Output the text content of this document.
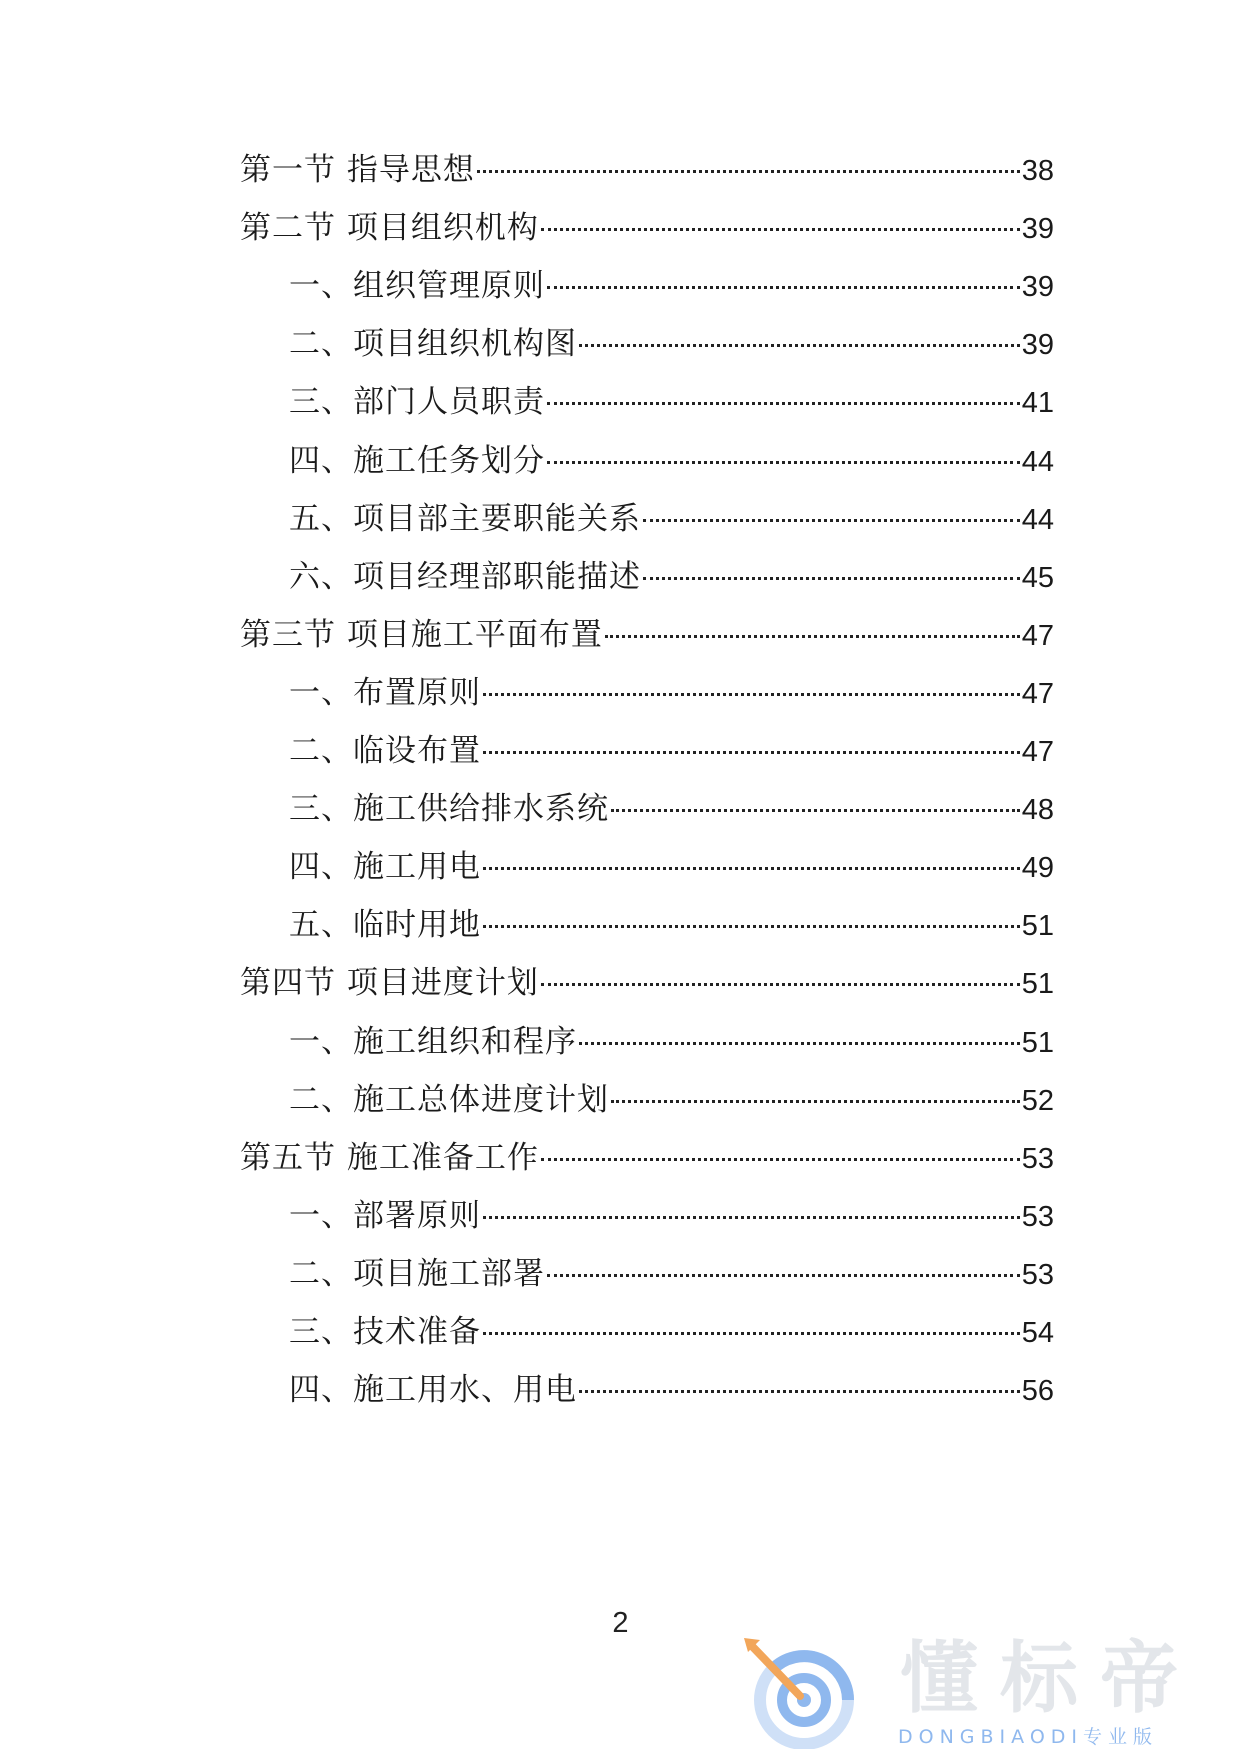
第一节 指导思想	38
第二节 项目组织机构	39
一、组织管理原则	39
二、项目组织机构图	39
三、部门人员职责	41
四、施工任务划分	44
五、项目部主要职能关系	44
六、项目经理部职能描述	45
第三节 项目施工平面布置	47
一、布置原则	47
二、临设布置	47
三、施工供给排水系统	48
四、施工用电	49
五、临时用地	51
第四节 项目进度计划	51
一、施工组织和程序	51
二、施工总体进度计划	52
第五节 施工准备工作	53
一、部署原则	53
二、项目施工部署	53
三、技术准备	54
四、施工用水、用电	56
2
懂标帝
DONGBIAODI专业版
